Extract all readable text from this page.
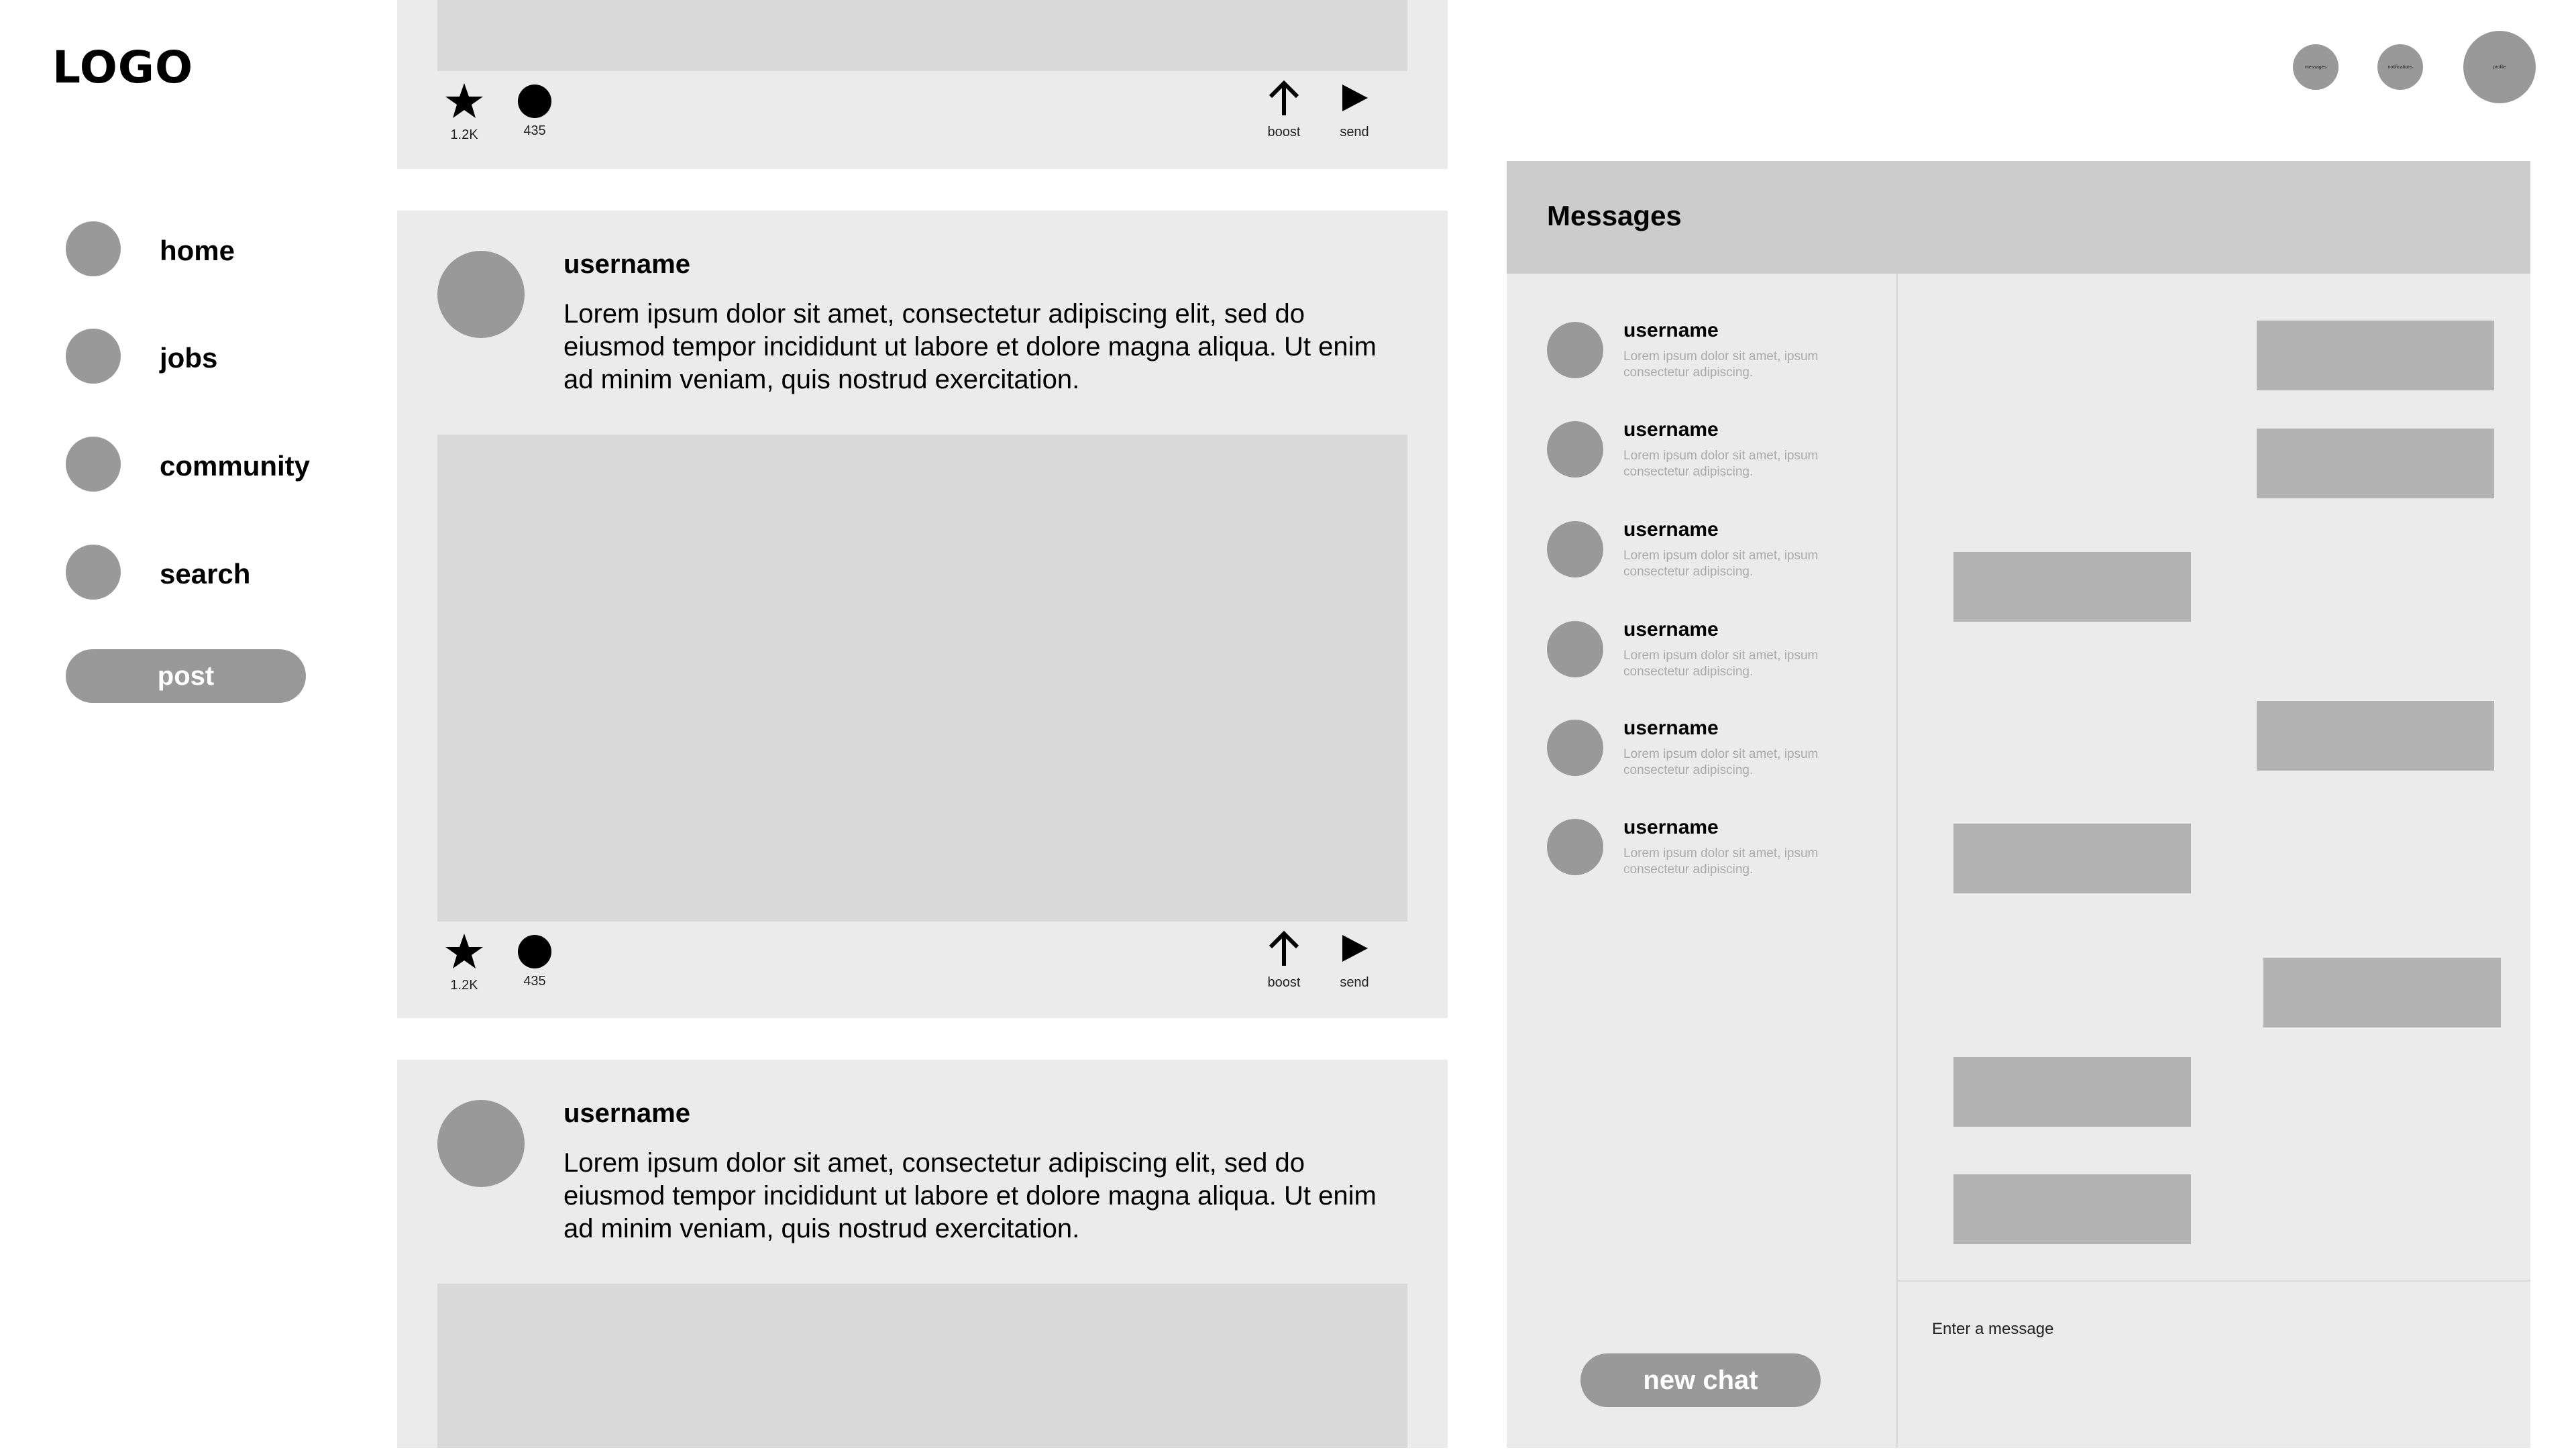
LOGO
home
jobs
community
search
post
1.2K	435	boost	send
username
Lorem ipsum dolor sit amet, consectetur adipiscing elit, sed do eiusmod tempor incididunt ut labore et dolore magna aliqua. Ut enim ad minim veniam, quis nostrud exercitation.
1.2K	435	boost	send
username
Lorem ipsum dolor sit amet, consectetur adipiscing elit, sed do eiusmod tempor incididunt ut labore et dolore magna aliqua. Ut enim ad minim veniam, quis nostrud exercitation.
messages	notifications	profile
Messages
username
Lorem ipsum dolor sit amet, ipsum consectetur adipiscing.
username
Lorem ipsum dolor sit amet, ipsum consectetur adipiscing.
username
Lorem ipsum dolor sit amet, ipsum consectetur adipiscing.
username
Lorem ipsum dolor sit amet, ipsum consectetur adipiscing.
username
Lorem ipsum dolor sit amet, ipsum consectetur adipiscing.
username
Lorem ipsum dolor sit amet, ipsum consectetur adipiscing.
new chat
Enter a message
